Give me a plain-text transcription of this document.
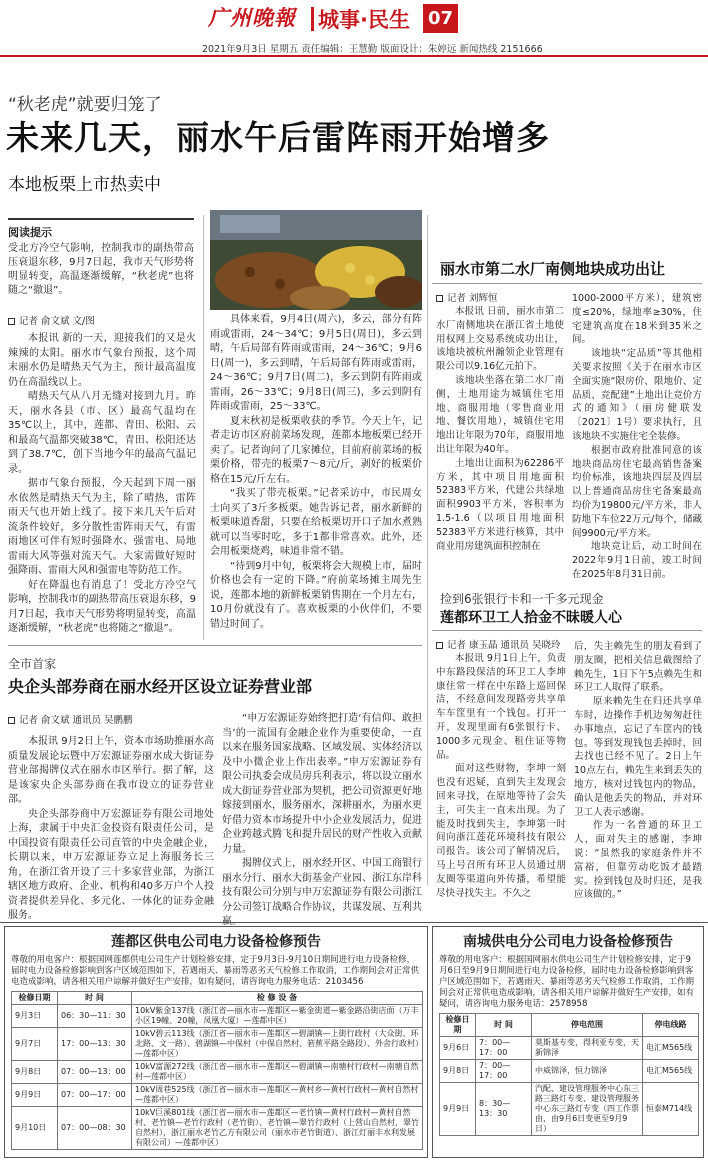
广州晚報 城事·民生 07
2021年9月3日 星期五 责任编辑：王慧勤 版面设计：朱婷远 新闻热线 2151666
“秋老虎”就要归笼了
未来几天，丽水午后雷阵雨开始增多
本地板栗上市热卖中
阅读提示
受北方冷空气影响，控制我市的副热带高压衰退东移，9月7日起，我市天气形势将明显转变，高温逐渐缓解，“秋老虎”也将随之“撤退”。
记者 俞文斌 文/图

本报讯 新的一天，迎接我们的又是火辣辣的太阳。丽水市气象台预报，这个周末丽水仍是晴热天气为主，预计最高温度仍在高温线以上。

晴热天气从八月无缝对接到九月。昨天，丽水各县（市、区）最高气温均在35℃以上，其中，莲都、青田、松阳、云和最高气温都突破38℃，青田、松阳还达到了38.7℃，创下当地今年的最高气温记录。

据市气象台预报，今天起到下周一丽水依然是晴热天气为主，除了晴热，雷阵雨天气也开始上线了。接下来几天午后对流条件较好，多分散性雷阵雨天气，有雷雨地区可伴有短时强降水、强雷电、局地雷雨大风等强对流天气。大家需做好短时强降雨、雷雨大风和强雷电等防范工作。

好在降温也有消息了！受北方冷空气影响，控制我市的副热带高压衰退东移，9月7日起，我市天气形势将明显转变，高温逐渐缓解，“秋老虎”也将随之“撤退”。

具体来看，9月4日(周六)，多云，部分有阵雨或雷雨，24～34℃；9月5日(周日)，多云到晴，午后局部有阵雨或雷雨，24～36℃；9月6日(周一)，多云到晴，午后局部有阵雨或雷雨，24～36℃；9月7日(周二)，多云到阴有阵雨或雷雨，26～33℃；9月8日(周三)，多云到阴有阵雨或雷雨，25～33℃。

夏末秋初是板栗收获的季节。今天上午，记者走访市区府前菜场发现，莲都本地板栗已经开卖了。记者询问了几家摊位，目前府前菜场的板栗价格，带壳的板栗7～8元/斤，剥好的板栗价格在15元/斤左右。

“我买了带壳板栗。”记者采访中，市民周女士向买了3斤多板栗。她告诉记者，丽水新鲜的板栗味道香甜，只要在给板栗切开口子加水煮熟就可以当零时吃，多于1都非常喜欢。此外，还会用板栗烧鸡，味道非常不错。

“待到9月中旬，板栗将会大规模上市，届时价格也会有一定的下降。”府前菜场摊主周先生说，莲都本地的新鲜板栗销售期在一个月左右，10月份就没有了。喜欢板栗的小伙伴们，不要错过时间了。

丽水市第二水厂南侧地块成功出让
记者 刘辉恒

本报讯 日前，丽水市第二水厂南侧地块在浙江省土地使用权网上交易系统成功出让，该地块被杭州瀚领企业管理有限公司以9.16亿元拍下。

该地块坐落在第二水厂南侧，土地用途为城镇住宅用地、商服用地（零售商业用地、餐饮用地），城镇住宅用地出让年限为70年，商服用地出让年限为40年。

土地出让面积为62286平方米，其中项目用地面积52383平方米，代建公共绿地面积9903平方米，容积率为1.5-1.6（以项目用地面积52383平方米进行核算，其中商业用房建筑面积控制在

1000-2000平方米），建筑密度≤20%，绿地率≥30%，住宅建筑高度在18米到35米之间。

该地块“定品质”等其他相关要求按照《关于在丽水市区全面实施“限房价、限地价、定品质、竞配建”土地出让竞价方式的通知》（丽房健联发〔2021〕1号）要求执行，且该地块不实施住宅全装修。

根据市政府批准同意的该地块商品房住宅最高销售备案均价标准，该地块四层及四层以上普通商品房住宅备案最高均价为19800元/平方米，非人防地下车位22万元/每个，储藏间9900元/平方米。

地块竞让后，动工时间在2022年9月1日前，竣工时间在2025年8月31日前。

捡到6张银行卡和一千多元现金
莲都环卫工人拾金不昧暖人心
记者 康玉晶 通讯员 吴晓玲

本报讯 9月1日上午，负责中东路段保洁的环卫工人李坤康住常一样在中东路上巡回保洁，不经意间发现路旁共享单车车筐里有一个钱包。打开一开，发现里面有6张银行卡、1000多元现金、租住证等物品。

面对这些财物，李坤一刻也没有迟疑，直到失主发现会回来寻找，在原地等待了会失主，可失主一直未出现。为了能及时找到失主，李坤第一时间向浙江莲花环境科技有限公司报告。该公司了解情况后，马上号召所有环卫人员通过朋友圈等渠道向外传播，希望能尽快寻找失主。不久之

后，失主赖先生的朋友看到了朋友圈，把相关信息截图给了赖先生，1日下午5点赖先生和环卫工人取得了联系。

原来赖先生在归还共享单车时，边操作手机边匆匆赶往办事地点，忘记了车筐内的钱包。等到发现钱包丢掉时，回去找也已经不见了。2日上午10点左右，赖先生来到丢失的地方，核对过钱包内的物品，确认是他丢失的物品，并对环卫工人表示感谢。

作为一名普通的环卫工人，面对失主的感谢，李坤说：“虽然我的家庭条件并不富裕，但靠劳动吃饭才最踏实。捡到钱包及时归还，是我应该做的。”

全市首家
央企头部券商在丽水经开区设立证券营业部
记者 俞文斌 通讯员 吴鹏鹏

本报讯 9月2日上午，资本市场助推丽水高质量发展论坛暨中万宏源证券丽水成大街证券营业部揭牌仪式在丽水市区举行。据了解，这是该家央企头部券商在我市设立的证券营业部。

央企头部券商中万宏源证券有限公司地处上海，隶属于中央汇金投资有限责任公司，是中国投资有限责任公司直管的中央金融企业，长期以来，申万宏源证券立足上海服务长三角，在浙江省开设了三十多家营业部，为浙江辖区地方政府、企业、机构和40多万户个人投资者提供差异化、多元化、一体化的证券金融服务。

“申万宏源证券始终把打造‘有信仰、敢担当’的一流国有金融企业作为重要使命，一直以来在服务国家战略、区域发展、实体经济以及中小微企业上作出表率。”申万宏源证券有限公司执委会成员房兵利表示，将以设立丽水成大街证券营业部为契机，把公司资源更好地嫁接到丽水，服务丽水，深耕丽水，为丽水更好借力资本市场提升中小企业发展活力，促进企业跨越式腾飞和提升居民的财产性收入贡献力量。

揭牌仪式上，丽水经开区、中国工商银行丽水分行、丽水大街基金产业园、浙江东岸科技有限公司分别与申万宏源证券有限公司浙江分公司签订战略合作协议，共谋发展、互利共

莲都区供电公司电力设备检修预告
尊敬的用电客户：根据国网莲都供电公司生产计划检修安排，定于9月3日-9月10日期间进行电力设备检修，届时电力设备检修影响到客户区域范围如下，若遇雨天、暴雨等恶劣天气检修工作取消，工作期间会对正常供电造成影响，请各相关用户谅解并做好生产安排，如有疑问，请咨询电力服务电话：2103456
检修日期	时 间	检 修 设 备
9月3日	06：30—11：30	10kV紫金137线（浙江省—丽水市—莲都区—紫金街道—紫金路沿街店面（万丰小区19幢、20幢，凤凰大厦）—莲都中区）
9月7日	17：00—13：30	10kV碧云113线（浙江省—丽水市—莲都区—碧湖镇—上街行政村（大众街、环北路、文一路）、碧湖镇—中保村（中保自然村、箬蕉平路全路段）、外舍行政村）—莲都中区）
9月8日	07：00—13：00	10kV富源272线（浙江省—丽水市—莲都区—碧湖镇—南塘村行政村—南塘自然村—莲都中区）
9月9日	07：00—17：00	10kV周巷525线（浙江省—丽水市—莲都区—黄村乡—黄村行政村—黄村自然村—莲都中区）
9月10日	07：00—08：30	10kV巨溪801线（浙江省—丽水市—莲都区—老竹镇—黄村行政村—黄村自然村、老竹镇—老竹行政村（老竹街）、老竹镇—翠竹行政村（上营山自然村，翠竹自然村），浙江丽水老竹乙方有限公司（丽水市老竹街道）、浙江灯丽丰水利发展有限公司）—莲都中区）
南城供电分公司电力设备检修预告
尊敬的用电客户：根据国网丽水供电公司生产计划检修安排，定于9月6日至9月9日期间进行电力设备检修，届时电力设备检修影响到客户区域范围如下，若遇雨天、暴雨等恶劣天气检修工作取消，工作期间会对正常供电造成影响，请各相关用户谅解并做好生产安排，如有疑问，请咨询电力服务电话：2578958
检修日期	时 间	停电范围	停电线路
9月6日	7：00—17：00	莫斯基专变，得利亚专变，天新锦泽	电汇M565线
9月8日	7：00—17：00	中威锦泽，恒力锦泽	电汇M565线
9月9日	8：30—13：30	汽配、建设管理服务中心东三路三路灯专变、建设管理服务中心东三路灯专变（四工作票由，由9月6日变更至9月9日）	恒泰M714线
